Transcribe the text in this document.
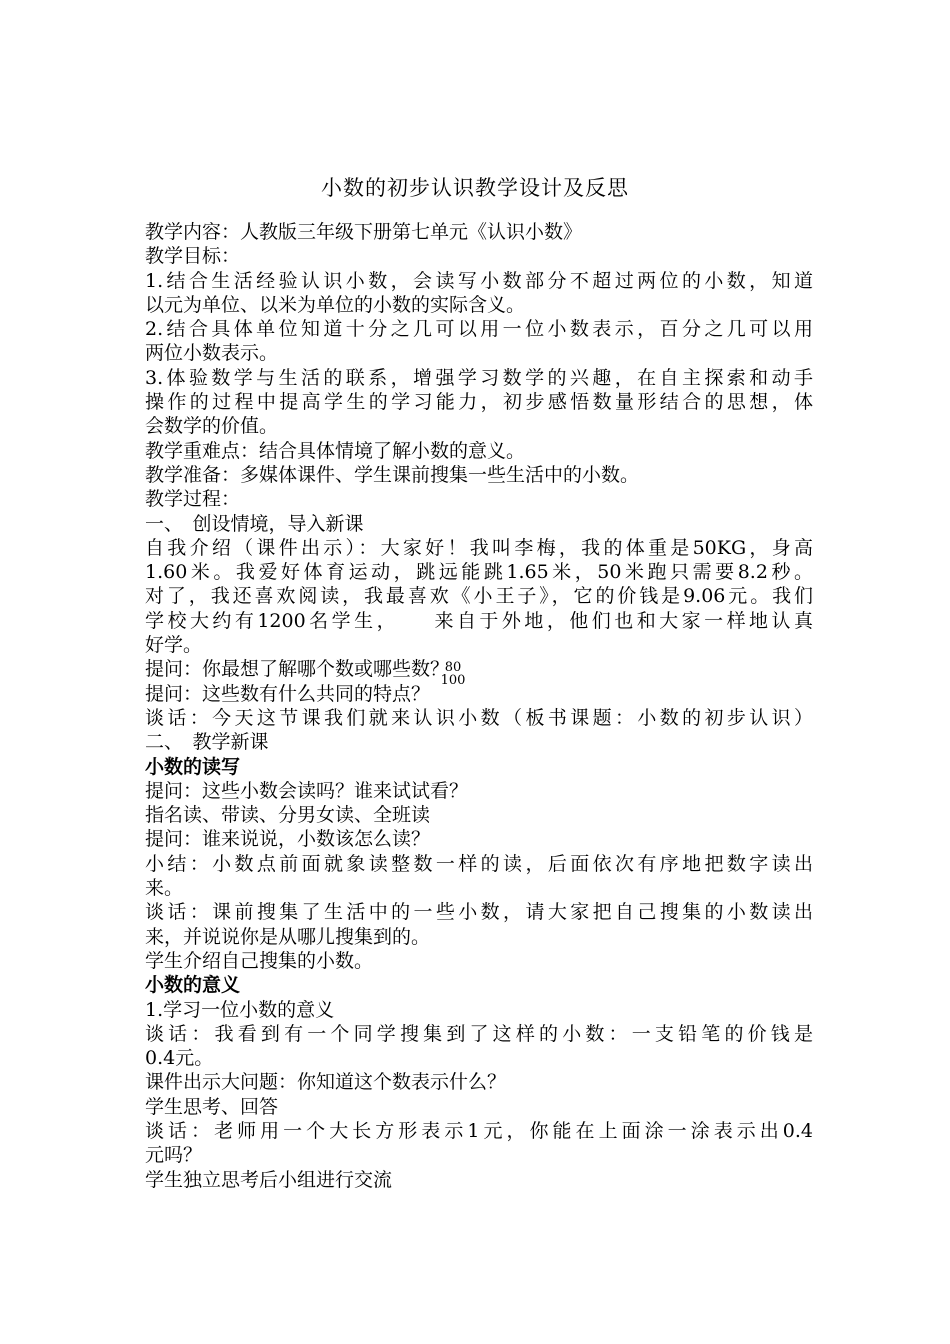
小数的初步认识教学设计及反思
教学内容：人教版三年级下册第七单元《认识小数》
教学目标：
1.结合生活经验认识小数，会读写小数部分不超过两位的小数，知道
以元为单位、以米为单位的小数的实际含义。
2.结合具体单位知道十分之几可以用一位小数表示，百分之几可以用
两位小数表示。
3.体验数学与生活的联系，增强学习数学的兴趣，在自主探索和动手
操作的过程中提高学生的学习能力，初步感悟数量形结合的思想，体
会数学的价值。
教学重难点：结合具体情境了解小数的意义。
教学准备：多媒体课件、学生课前搜集一些生活中的小数。
教学过程：
一、　创设情境，导入新课
自我介绍（课件出示）：大家好！我叫李梅，我的体重是50KG，身高
1.60米。我爱好体育运动，跳远能跳1.65米，50米跑只需要8.2秒。
对了，我还喜欢阅读，我最喜欢《小王子》，它的价钱是9.06元。我们
学校大约有1200名学生，　　来自于外地，他们也和大家一样地认真
好学。
提问：你最想了解哪个数或哪些数？
提问：这些数有什么共同的特点？
谈话：今天这节课我们就来认识小数（板书课题：小数的初步认识）
二、　教学新课
小数的读写
提问：这些小数会读吗？谁来试试看？
指名读、带读、分男女读、全班读
提问：谁来说说，小数该怎么读？
小结：小数点前面就象读整数一样的读，后面依次有序地把数字读出
来。
谈话：课前搜集了生活中的一些小数，请大家把自己搜集的小数读出
来，并说说你是从哪儿搜集到的。
学生介绍自己搜集的小数。
小数的意义
1.学习一位小数的意义
谈话：我看到有一个同学搜集到了这样的小数：一支铅笔的价钱是
0.4元。
课件出示大问题：你知道这个数表示什么？
学生思考、回答
谈话：老师用一个大长方形表示1元，你能在上面涂一涂表示出0.4
元吗？
学生独立思考后小组进行交流
80
100
